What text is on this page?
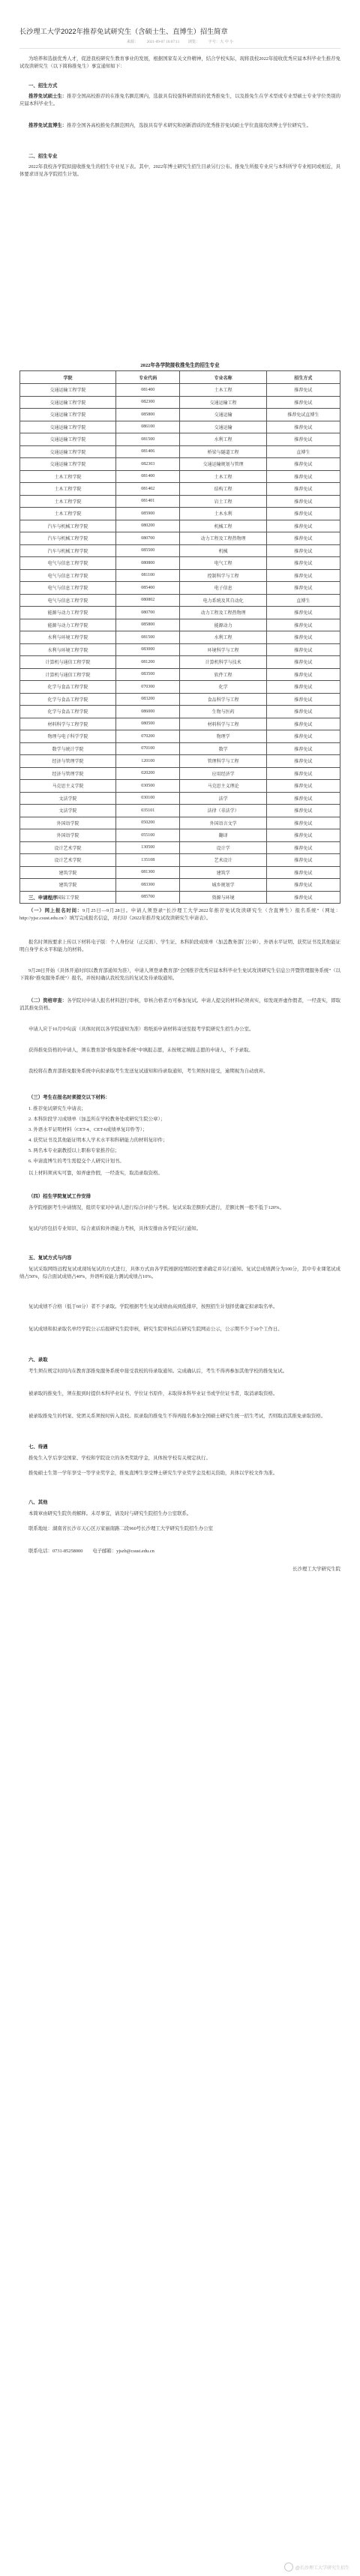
长沙理工大学2022年推荐免试研究生（含硕士生、直博生）招生简章
来源： 2021-09-07 16:07:11 浏览： 字号：大 中 小
为培养和选拔优秀人才，促进我校研究生教育事业的发展，根据国家有关文件精神，结合学校实际，现将我校2022年接收优秀应届本科毕业生推荐免试攻读研究生（以下简称推免生）事宜通知如下：
一、招生方式
推荐免试硕士生：推荐全国高校推荐的在推免名额范围内，选拔具有较强科研潜质的优秀推免生，以及推免生在学术型或专业型硕士专业学位类别的应届本科毕业生。
推荐免试直博生：推荐全国各高校推免名额范围内，选拔具有学术研究和创新潜质的优秀推荐免试硕士学位直接攻读博士学位研究生。
二、招生专业
2022年我校各学院拟接收推免生的招生专业见下表。其中，2022年博士研究生招生目录另行公布。推免生所报专业应与本科所学专业相同或相近，具体要求详见各学院招生计划。
2022年各学院接收推免生的招生专业
学院	专业代码	专业名称	招生方式
交通运输工程学院	081400	土木工程	推荐免试
交通运输工程学院	082300	交通运输工程	推荐免试
交通运输工程学院	085800	交通运输	推荐免试直博生
交通运输工程学院	086100	交通运输	推荐免试
交通运输工程学院	081500	水利工程	推荐免试
交通运输工程学院	081406	桥梁与隧道工程	直博生
交通运输工程学院	082303	交通运输规划与管理	推荐免试
土木工程学院	081400	土木工程	推荐免试
土木工程学院	081402	结构工程	推荐免试
土木工程学院	081401	岩土工程	推荐免试
土木工程学院	085900	土木水利	推荐免试
汽车与机械工程学院	080200	机械工程	推荐免试
汽车与机械工程学院	080700	动力工程及工程热物理	推荐免试
汽车与机械工程学院	085500	机械	推荐免试
电气与信息工程学院	080800	电气工程	推荐免试
电气与信息工程学院	081100	控制科学与工程	推荐免试
电气与信息工程学院	085400	电子信息	推荐免试
电气与信息工程学院	080802	电力系统及其自动化	直博生
能源与动力工程学院	080700	动力工程及工程热物理	推荐免试
能源与动力工程学院	085800	能源动力	推荐免试
水利与环境工程学院	081500	水利工程	推荐免试
水利与环境工程学院	083000	环境科学与工程	推荐免试
计算机与通信工程学院	081200	计算机科学与技术	推荐免试
计算机与通信工程学院	083500	软件工程	推荐免试
化学与食品工程学院	070300	化学	推荐免试
化学与食品工程学院	083200	食品科学与工程	推荐免试
化学与食品工程学院	086000	生物与医药	推荐免试
材料科学与工程学院	080500	材料科学与工程	推荐免试
物理与电子科学学院	070200	物理学	推荐免试
数学与统计学院	070100	数学	推荐免试
经济与管理学院	120100	管理科学与工程	推荐免试
经济与管理学院	020200	应用经济学	推荐免试
马克思主义学院	030500	马克思主义理论	推荐免试
文法学院	030100	法学	推荐免试
文法学院	035101	法律（非法学）	推荐免试
外国语学院	050200	外国语言文学	推荐免试
外国语学院	055100	翻译	推荐免试
设计艺术学院	130500	设计学	推荐免试
设计艺术学院	135108	艺术设计	推荐免试
建筑学院	081300	建筑学	推荐免试
建筑学院	083300	城乡规划学	推荐免试
国际工学院	085700	资源与环境	推荐免试
三、申请程序
（一）网上报名时间：9月25日—9月28日。申请人须登录“长沙理工大学2022年推荐免试攻读研究生（含直博生）报名系统”（网址：http://yjsc.csust.edu.cn/）填写完成报名信息，并打印《2022年推荐免试攻读研究生申请表》。
报名时须按要求上传以下材料电子版：个人身份证（正反面）、学生证、本科阶段成绩单（加盖教务部门公章）、外语水平证明、获奖证书及其他能证明自身学术水平和能力的材料。
9月28日开始（具体开通时间以教育部通知为准），申请人须登录教育部“全国推荐优秀应届本科毕业生免试攻读研究生信息公开暨管理服务系统”（以下简称“推免服务系统”）报名，并按时确认我校发出的复试及待录取通知。
（二）资格审查：各学院对申请人报名材料进行审核，审核合格者方可参加复试。申请人提交的材料必须真实，如发现弄虚作假者，一经查实，即取消其推免资格。
申请人应于10月中旬前（具体时间以各学院通知为准）将纸质申请材料寄送至报考学院研究生招生办公室。
获得推免资格的申请人，须在教育部“推免服务系统”中填报志愿，未按规定填报志愿的申请人，不予录取。
我校将在教育部推免服务系统中向拟录取考生发送复试通知和待录取通知，考生须按时接受，逾期视为自动放弃。
（三）考生在报名时须提交以下材料：
1. 推荐免试研究生申请表；
2. 本科阶段学习成绩单（加盖所在学校教务处或研究生院公章）；
3. 外语水平证明材料（CET-4、CET-6成绩单复印件等）；
4. 获奖证书及其他能证明本人学术水平和科研能力的材料复印件；
5. 两名本专业副教授以上职称专家推荐信；
6. 申请直博生的考生需提交个人研究计划书。
以上材料须真实可靠，如弄虚作假，一经查实，取消录取资格。
（四）招生学院复试工作安排
各学院根据考生申请情况，组织专家对申请人进行综合评价与考核。复试采取差额形式进行，差额比例一般不低于120%。
复试内容包括专业知识、综合素质和外语能力考核，具体安排由各学院另行通知。
五、复试方式与内容
复试采取网络远程复试或现场复试的方式进行，具体方式由各学院根据疫情防控要求确定并另行通知。复试总成绩满分为100分，其中专业课笔试成绩占50%，综合面试成绩占40%，外语听说能力测试成绩占10%。
复试成绩不合格（低于60分）者不予录取。学院根据考生复试成绩由高到低排序，按照招生计划择优确定拟录取名单。
复试成绩和拟录取名单经学院公示后报研究生院审核，研究生院审核后在研究生院网站公示，公示期不少于10个工作日。
六、录取
考生须在规定时间内在教育部推免服务系统中接受我校的待录取通知。完成确认后，考生不得再参加其他学校的推免复试。
被录取的推免生，须在报到时提供本科毕业证书、学位证书原件，未取得本科毕业证书或学位证书者，取消录取资格。
被录取推免生的档案、党团关系须按时转入我校。拟录取的推免生不得再报名参加全国硕士研究生统一招生考试，否则取消其推免录取资格。
七、待遇
推免生入学后享受国家、学校和学院设立的各类奖助学金，具体按学校有关规定执行。
推免硕士生第一学年享受一等学业奖学金，推免直博生享受博士研究生学业奖学金及相关资助，具体以学校文件为准。
八、其他
本简章由研究生院负责解释。未尽事宜，请及时与研究生院招生办公室联系。
联系地址：湖南省长沙市天心区万家丽南路二段960号长沙理工大学研究生院招生办公室
联系电话：0731-85258000　　电子邮箱：yjszb@csust.edu.cn
长沙理工大学研究生院
@长沙理工大学研究生招生
